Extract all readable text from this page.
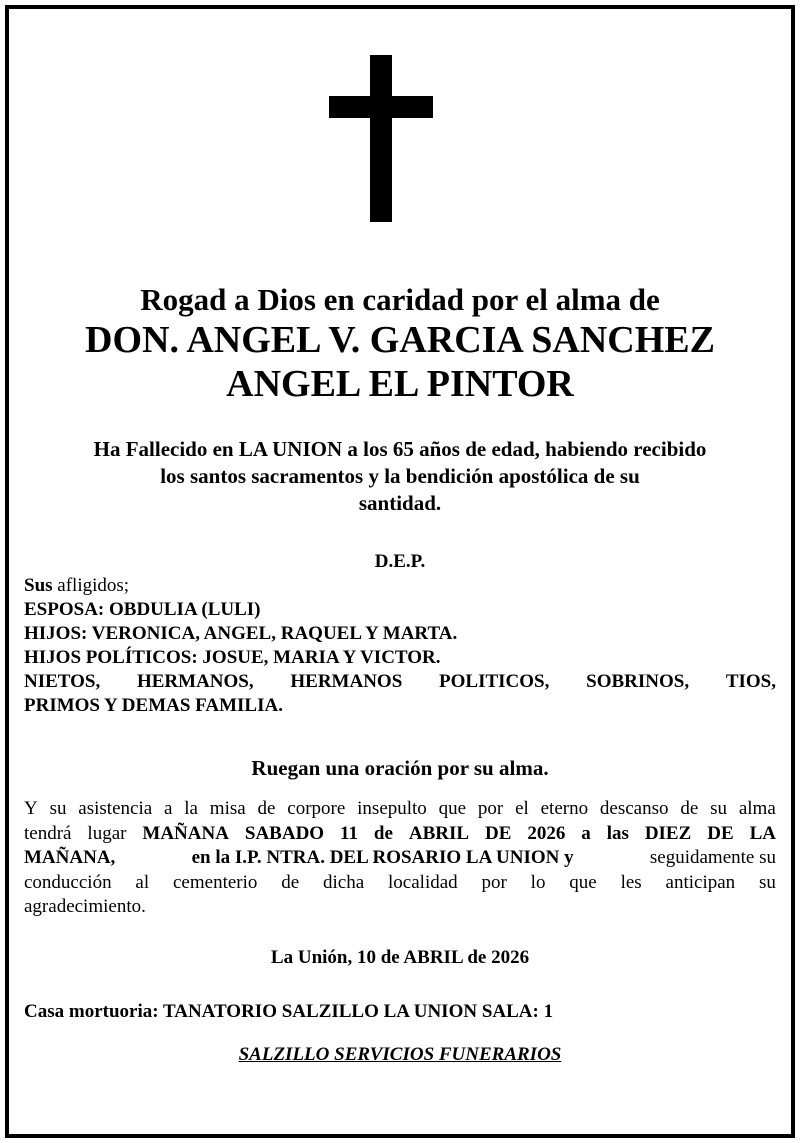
Rogad a Dios en caridad por el alma de
DON. ANGEL V. GARCIA SANCHEZ
ANGEL EL PINTOR
Ha Fallecido en LA UNION a los 65 años de edad, habiendo recibido
los santos sacramentos y la bendición apostólica de su
santidad.
D.E.P.
Sus afligidos;
ESPOSA: OBDULIA (LULI)
HIJOS: VERONICA, ANGEL, RAQUEL Y MARTA.
HIJOS POLÍTICOS: JOSUE, MARIA Y VICTOR.
NIETOS, HERMANOS, HERMANOS POLITICOS, SOBRINOS, TIOS,
PRIMOS Y DEMAS FAMILIA.
Ruegan una oración por su alma.
Y su asistencia a la misa de corpore insepulto que por el eterno descanso de su alma
tendrá lugar MAÑANA SABADO 11 de ABRIL DE 2026 a las DIEZ DE LA
MAÑANA,	en la I.P. NTRA. DEL ROSARIO LA UNION y	seguidamente su
conducción al cementerio de dicha localidad por lo que les anticipan su
agradecimiento.
La Unión, 10 de ABRIL de 2026
Casa mortuoria: TANATORIO SALZILLO LA UNION SALA: 1
SALZILLO SERVICIOS FUNERARIOS
